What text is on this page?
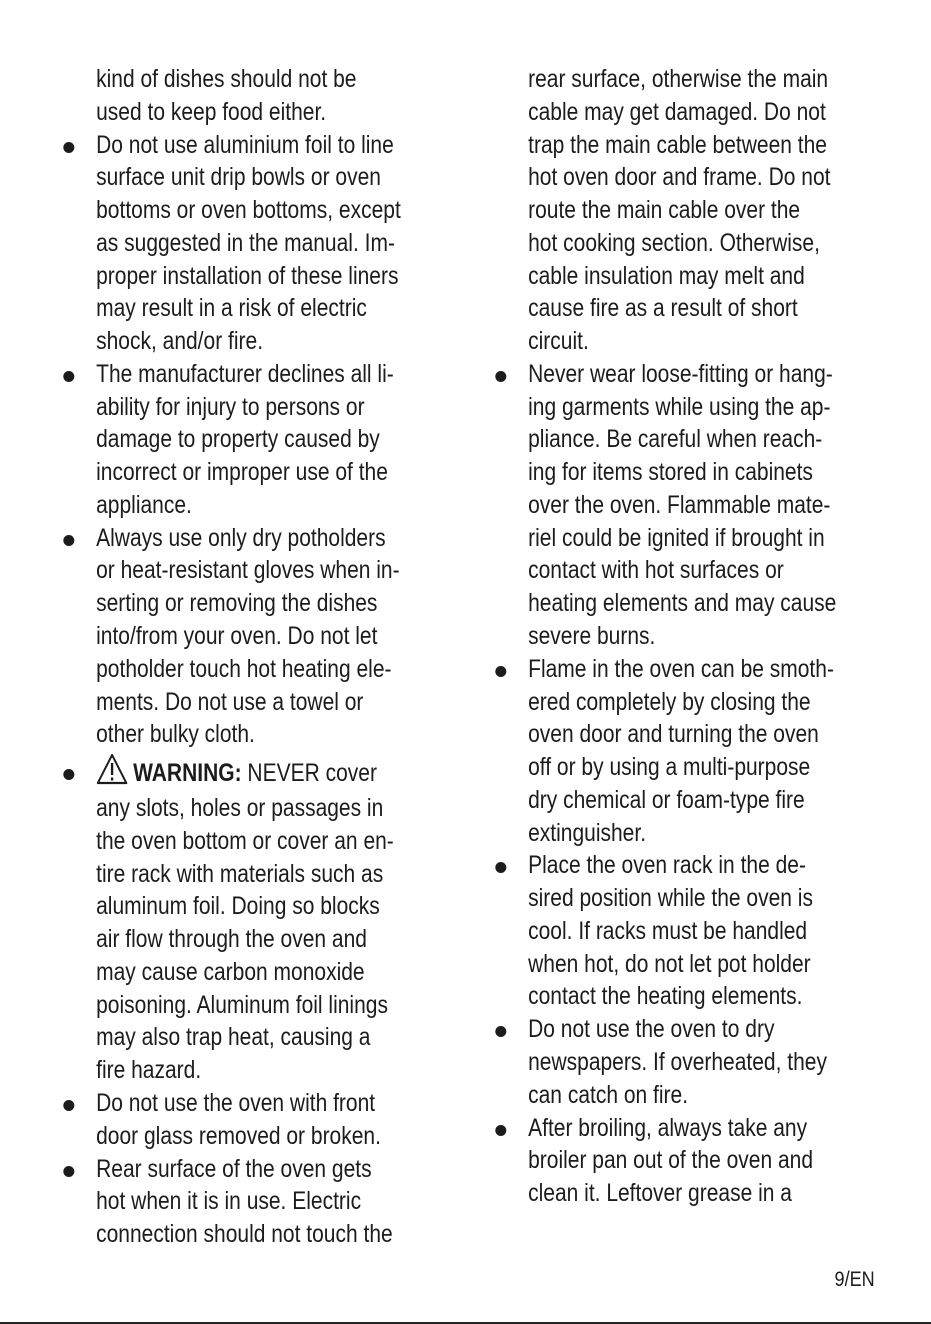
kind of dishes should not be
used to keep food either.
Do not use aluminium foil to line
surface unit drip bowls or oven
bottoms or oven bottoms, except
as suggested in the manual. Im-
proper installation of these liners
may result in a risk of electric
shock, and/or fire.
The manufacturer declines all li-
ability for injury to persons or
damage to property caused by
incorrect or improper use of the
appliance.
Always use only dry potholders
or heat-resistant gloves when in-
serting or removing the dishes
into/from your oven. Do not let
potholder touch hot heating ele-
ments. Do not use a towel or
other bulky cloth.
WARNING: NEVER cover
any slots, holes or passages in
the oven bottom or cover an en-
tire rack with materials such as
aluminum foil. Doing so blocks
air flow through the oven and
may cause carbon monoxide
poisoning. Aluminum foil linings
may also trap heat, causing a
fire hazard.
Do not use the oven with front
door glass removed or broken.
Rear surface of the oven gets
hot when it is in use. Electric
connection should not touch the
rear surface, otherwise the main
cable may get damaged. Do not
trap the main cable between the
hot oven door and frame. Do not
route the main cable over the
hot cooking section. Otherwise,
cable insulation may melt and
cause fire as a result of short
circuit.
Never wear loose-fitting or hang-
ing garments while using the ap-
pliance. Be careful when reach-
ing for items stored in cabinets
over the oven. Flammable mate-
riel could be ignited if brought in
contact with hot surfaces or
heating elements and may cause
severe burns.
Flame in the oven can be smoth-
ered completely by closing the
oven door and turning the oven
off or by using a multi-purpose
dry chemical or foam-type fire
extinguisher.
Place the oven rack in the de-
sired position while the oven is
cool. If racks must be handled
when hot, do not let pot holder
contact the heating elements.
Do not use the oven to dry
newspapers. If overheated, they
can catch on fire.
After broiling, always take any
broiler pan out of the oven and
clean it. Leftover grease in a
9/EN
